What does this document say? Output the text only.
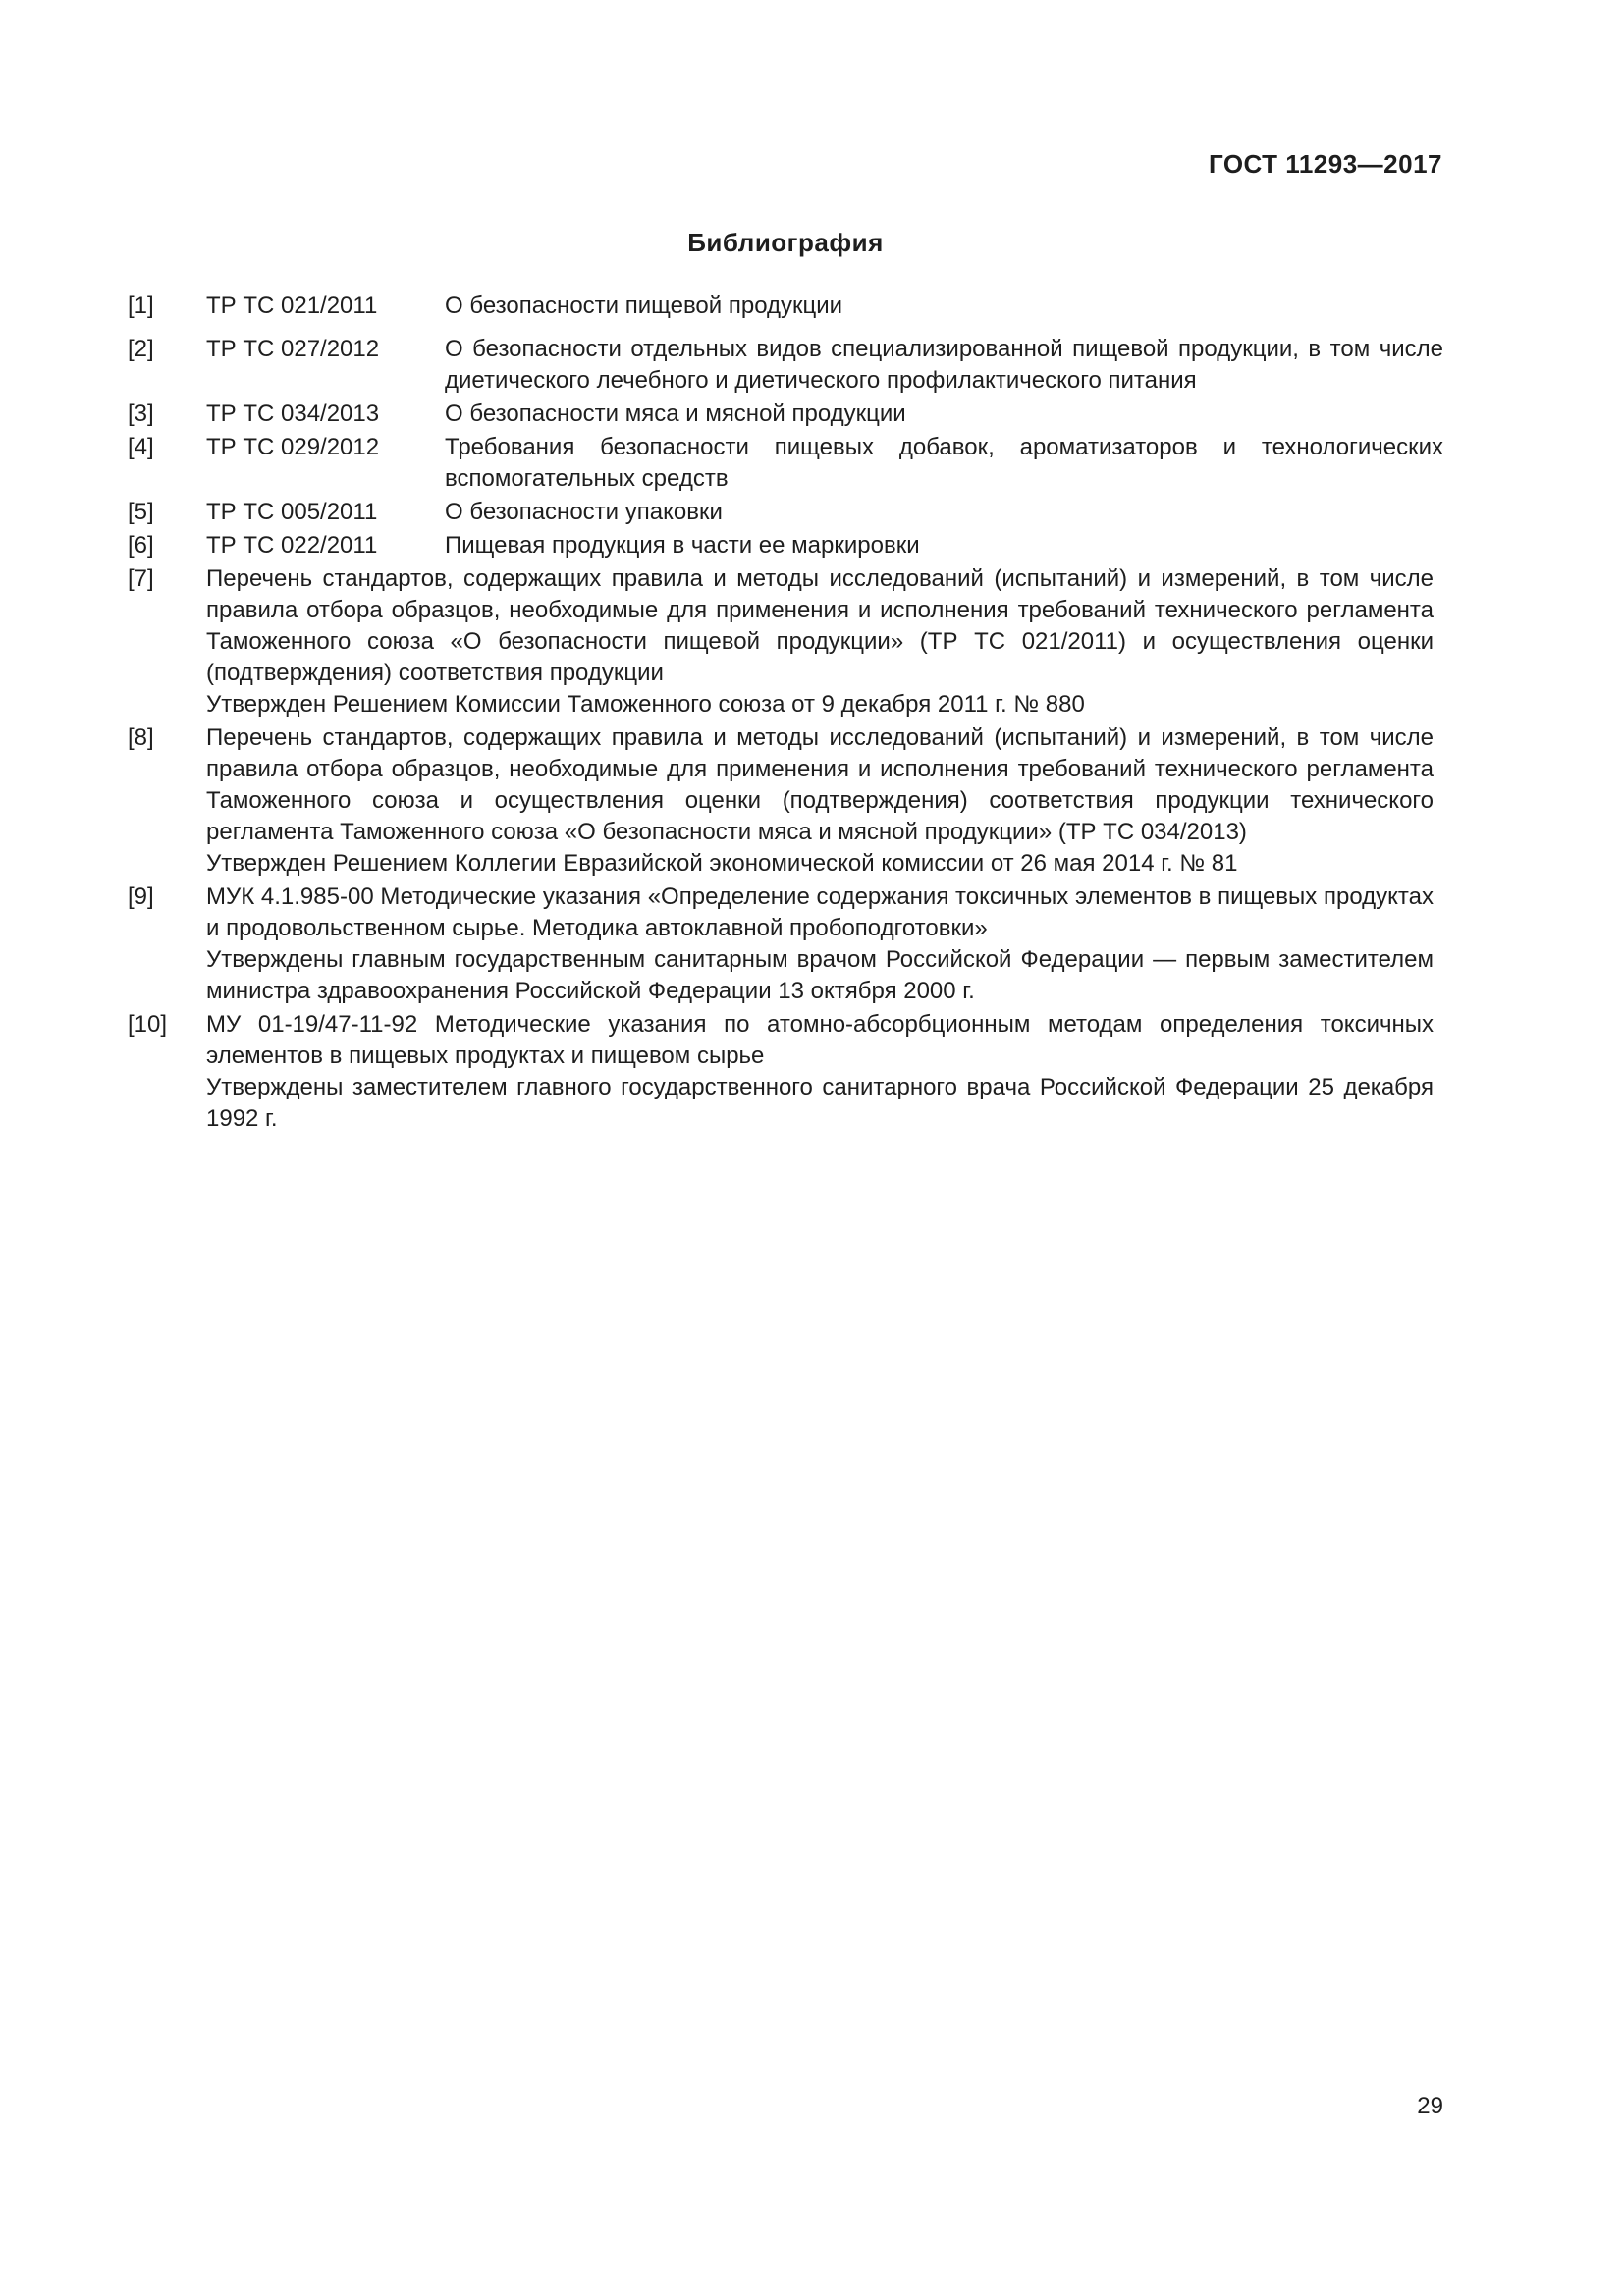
ГОСТ 11293—2017
Библиография
[1]	ТР ТС 021/2011	О безопасности пищевой продукции
[2]	ТР ТС 027/2012	О безопасности отдельных видов специализированной пищевой продукции, в том числе диетического лечебного и диетического профилактического питания
[3]	ТР ТС 034/2013	О безопасности мяса и мясной продукции
[4]	ТР ТС 029/2012	Требования безопасности пищевых добавок, ароматизаторов и технологических вспомогательных средств
[5]	ТР ТС 005/2011	О безопасности упаковки
[6]	ТР ТС 022/2011	Пищевая продукция в части ее маркировки
[7]	Перечень стандартов, содержащих правила и методы исследований (испытаний) и измерений, в том числе правила отбора образцов, необходимые для применения и исполнения требований технического регламента Таможенного союза «О безопасности пищевой продукции» (ТР ТС 021/2011) и осуществления оценки (подтверждения) соответствия продукции
Утвержден Решением Комиссии Таможенного союза от 9 декабря 2011 г. № 880
[8]	Перечень стандартов, содержащих правила и методы исследований (испытаний) и измерений, в том числе правила отбора образцов, необходимые для применения и исполнения требований технического регламента Таможенного союза и осуществления оценки (подтверждения) соответствия продукции технического регламента Таможенного союза «О безопасности мяса и мясной продукции» (ТР ТС 034/2013)
Утвержден Решением Коллегии Евразийской экономической комиссии от 26 мая 2014 г. № 81
[9]	МУК 4.1.985-00 Методические указания «Определение содержания токсичных элементов в пищевых продуктах и продовольственном сырье. Методика автоклавной пробоподготовки»
Утверждены главным государственным санитарным врачом Российской Федерации — первым заместителем министра здравоохранения Российской Федерации 13 октября 2000 г.
[10]	МУ 01-19/47-11-92 Методические указания по атомно-абсорбционным методам определения токсичных элементов в пищевых продуктах и пищевом сырье
Утверждены заместителем главного государственного санитарного врача Российской Федерации 25 декабря 1992 г.
29
